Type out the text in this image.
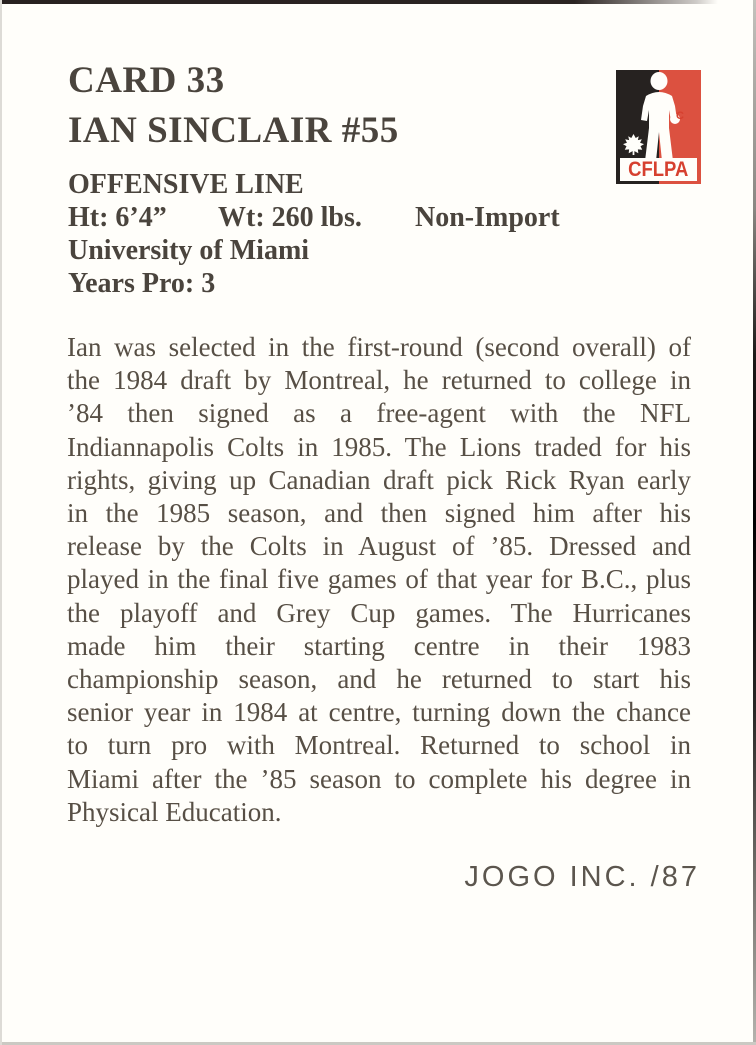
CARD 33
IAN SINCLAIR #55
OFFENSIVE LINE
Ht: 6’4” Wt: 260 lbs. Non-Import
University of Miami
Years Pro: 3
C
CFLPA
Ian was selected in the first-round (second overall) of
the 1984 draft by Montreal, he returned to college in
’84 then signed as a free-agent with the NFL
Indiannapolis Colts in 1985. The Lions traded for his
rights, giving up Canadian draft pick Rick Ryan early
in the 1985 season, and then signed him after his
release by the Colts in August of ’85. Dressed and
played in the final five games of that year for B.C., plus
the playoff and Grey Cup games. The Hurricanes
made him their starting centre in their 1983
championship season, and he returned to start his
senior year in 1984 at centre, turning down the chance
to turn pro with Montreal. Returned to school in
Miami after the ’85 season to complete his degree in
Physical Education.
JOGO INC. /87
